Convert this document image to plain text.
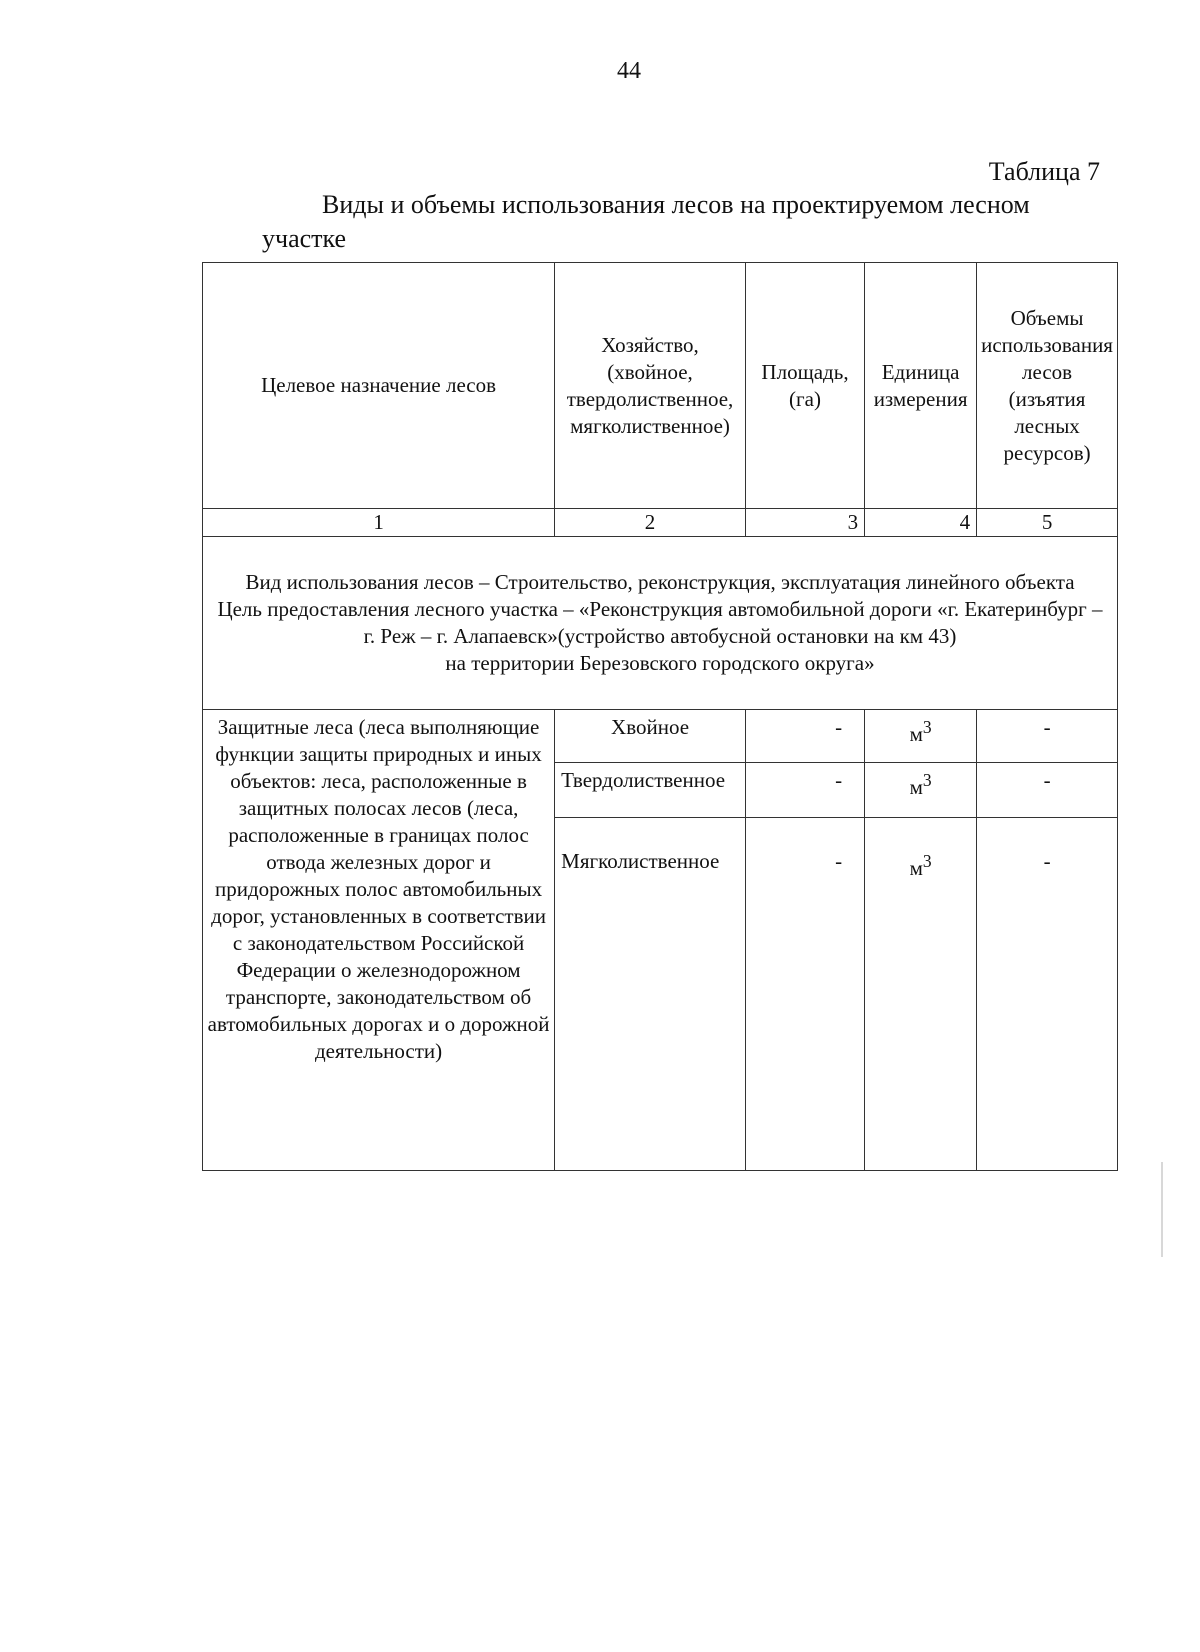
44
Таблица 7
Виды и объемы использования лесов на проектируемом лесном
участке
Целевое назначение лесов	Хозяйство, (хвойное, твердолиственное, мягколиственное)	Площадь, (га)	Единица измерения	Объемы использования лесов (изъятия лесных ресурсов)
1	2	3	4	5

Вид использования лесов – Строительство, реконструкция, эксплуатация линейного объекта
Цель предоставления лесного участка – «Реконструкция автомобильной дороги «г. Екатеринбург – г. Реж – г. Алапаевск»(устройство автобусной остановки на км 43)
на территории Березовского городского округа»				

Защитные леса (леса выполняющие функции защиты природных и иных объектов: леса, расположенные в защитных полосах лесов (леса, расположенные в границах полос отвода железных дорог и придорожных полос автомобильных дорог, установленных в соответствии с законодательством Российской Федерации о железнодорожном транспорте, законодательством об автомобильных дорогах и о дорожной деятельности)	Хвойное	-	$м^3$	-
	Твердолиственное	-	$м^3$	-
	Мягколиственное	-	$м^3$	-
